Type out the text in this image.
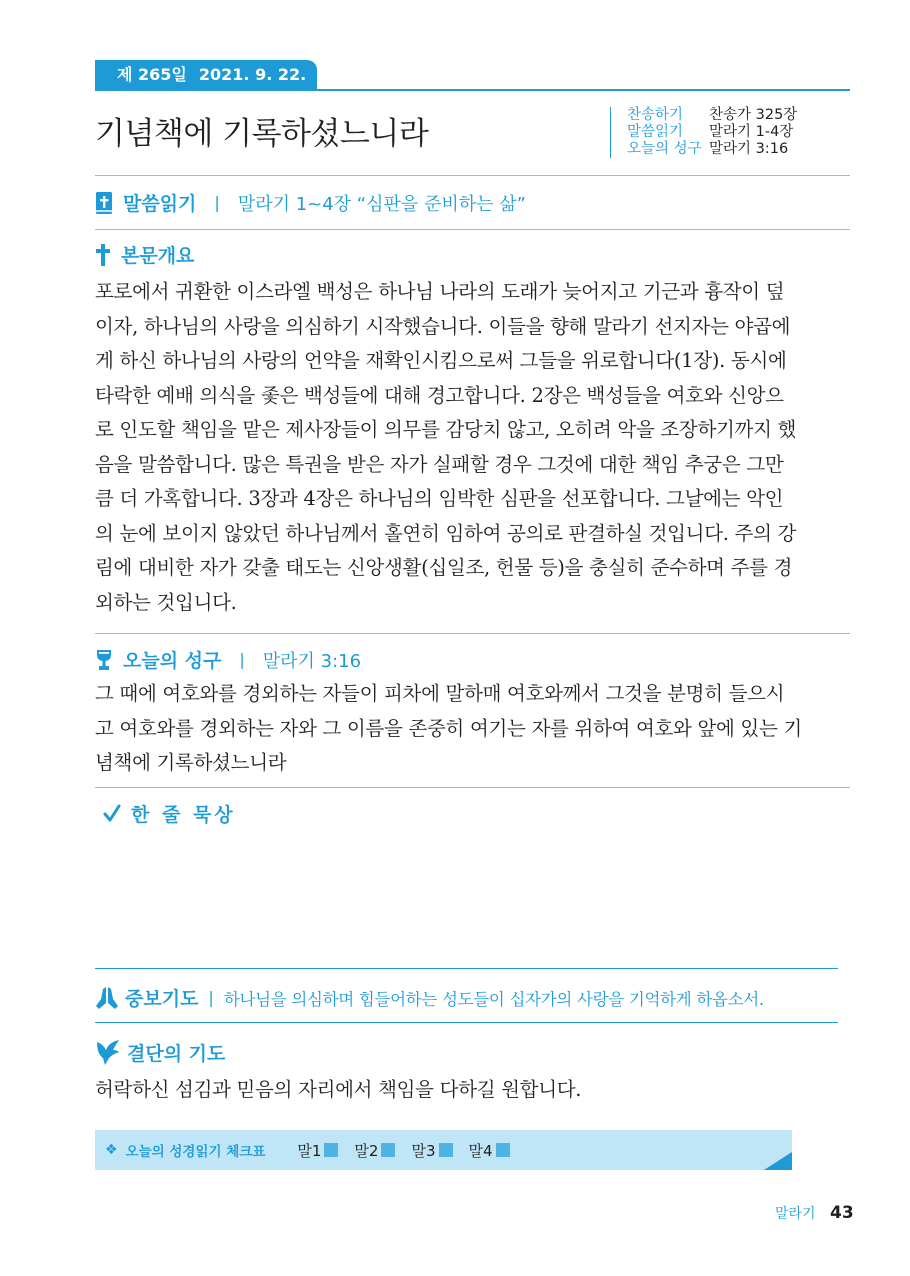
제 265일 2021. 9. 22. 수
기념책에 기록하셨느니라
찬송하기	찬송가 325장
말씀읽기	말라기 1-4장
오늘의 성구 말라기 3:16
말씀읽기 | 말라기 1~4장 “심판을 준비하는 삶”
본문개요
포로에서 귀환한 이스라엘 백성은 하나님 나라의 도래가 늦어지고 기근과 흉작이 덮
이자, 하나님의 사랑을 의심하기 시작했습니다. 이들을 향해 말라기 선지자는 야곱에
게 하신 하나님의 사랑의 언약을 재확인시킴으로써 그들을 위로합니다(1장). 동시에
타락한 예배 의식을 좇은 백성들에 대해 경고합니다. 2장은 백성들을 여호와 신앙으
로 인도할 책임을 맡은 제사장들이 의무를 감당치 않고, 오히려 악을 조장하기까지 했
음을 말씀합니다. 많은 특권을 받은 자가 실패할 경우 그것에 대한 책임 추궁은 그만
큼 더 가혹합니다. 3장과 4장은 하나님의 임박한 심판을 선포합니다. 그날에는 악인
의 눈에 보이지 않았던 하나님께서 홀연히 임하여 공의로 판결하실 것입니다. 주의 강
림에 대비한 자가 갖출 태도는 신앙생활(십일조, 헌물 등)을 충실히 준수하며 주를 경
외하는 것입니다.
오늘의 성구 | 말라기 3:16
그 때에 여호와를 경외하는 자들이 피차에 말하매 여호와께서 그것을 분명히 들으시
고 여호와를 경외하는 자와 그 이름을 존중히 여기는 자를 위하여 여호와 앞에 있는 기
념책에 기록하셨느니라
한 줄 묵상
중보기도 | 하나님을 의심하며 힘들어하는 성도들이 십자가의 사랑을 기억하게 하옵소서.
결단의 기도
허락하신 섬김과 믿음의 자리에서 책임을 다하길 원합니다.
❖ 오늘의 성경읽기 체크표 말1 말2 말3 말4
말라기 43
